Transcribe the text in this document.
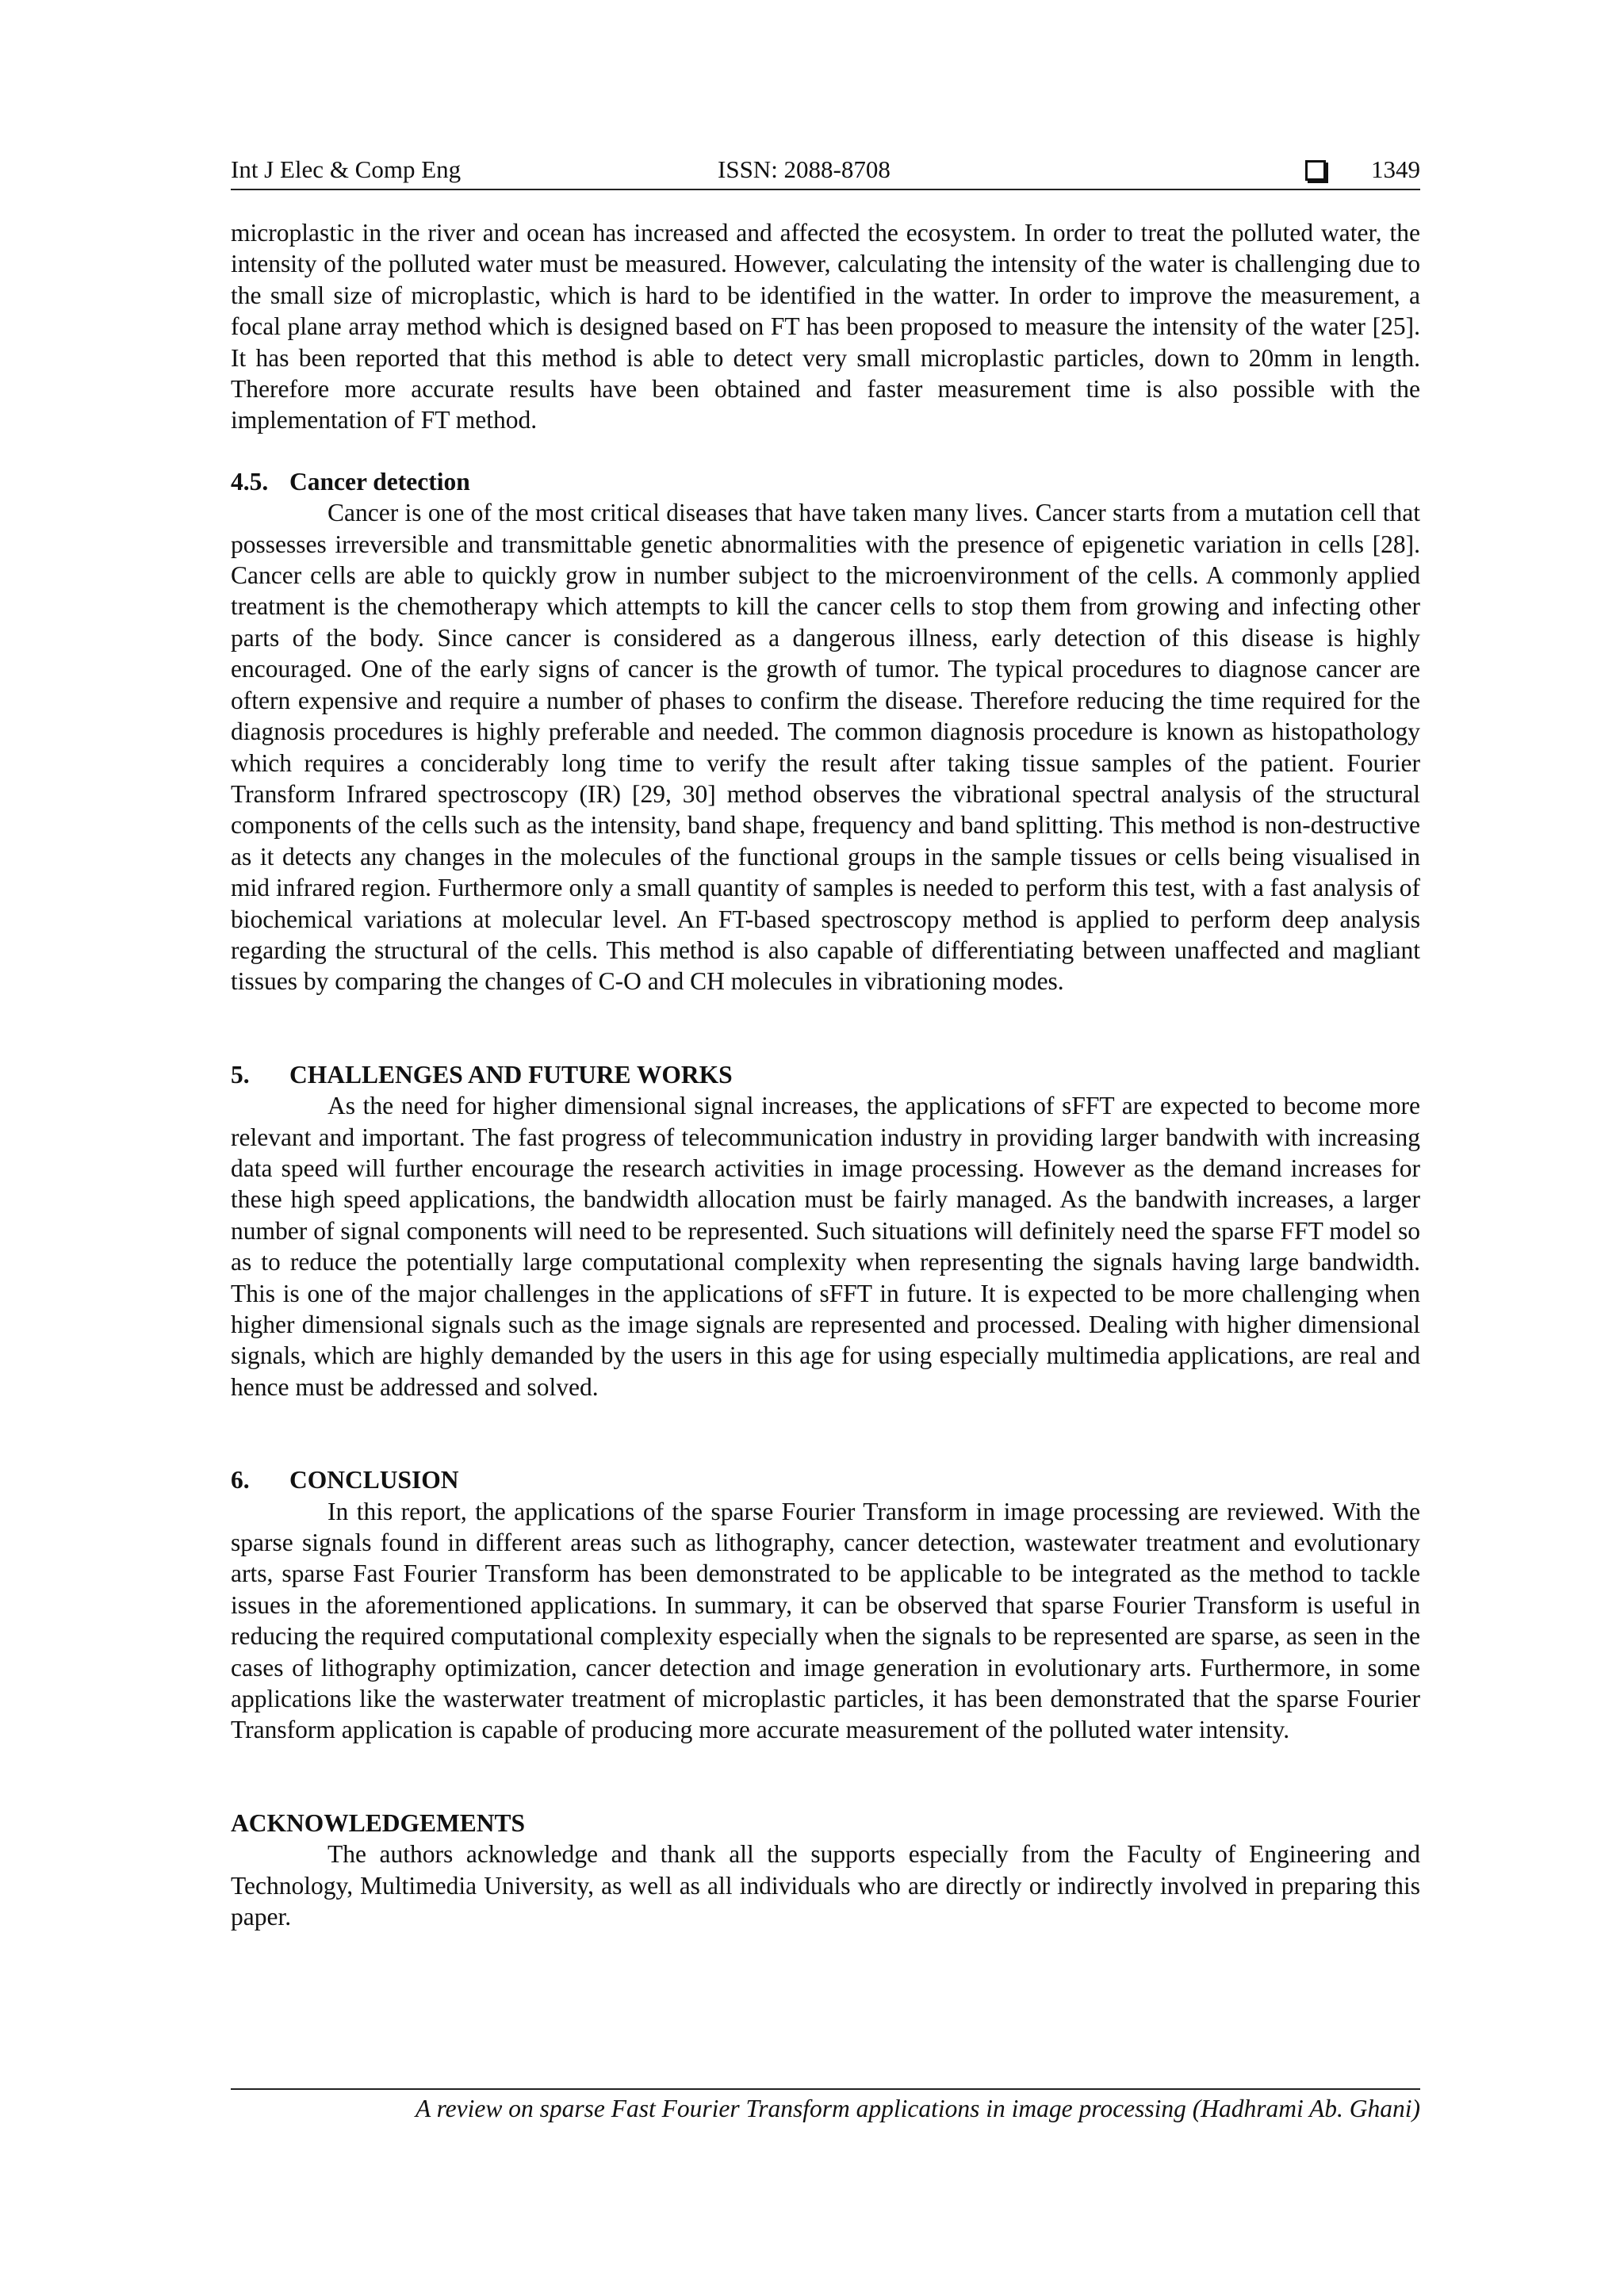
Int J Elec & Comp Eng	ISSN: 2088-8708	1349

microplastic in the river and ocean has increased and affected the ecosystem. In order to treat the polluted water, the intensity of the polluted water must be measured. However, calculating the intensity of the water is challenging due to the small size of microplastic, which is hard to be identified in the watter. In order to improve the measurement, a focal plane array method which is designed based on FT has been proposed to measure the intensity of the water [25]. It has been reported that this method is able to detect very small microplastic particles, down to 20mm in length. Therefore more accurate results have been obtained and faster measurement time is also possible with the implementation of FT method.

4.5. Cancer detection

Cancer is one of the most critical diseases that have taken many lives. Cancer starts from a mutation cell that possesses irreversible and transmittable genetic abnormalities with the presence of epigenetic variation in cells [28]. Cancer cells are able to quickly grow in number subject to the microenvironment of the cells. A commonly applied treatment is the chemotherapy which attempts to kill the cancer cells to stop them from growing and infecting other parts of the body. Since cancer is considered as a dangerous illness, early detection of this disease is highly encouraged. One of the early signs of cancer is the growth of tumor. The typical procedures to diagnose cancer are oftern expensive and require a number of phases to confirm the disease. Therefore reducing the time required for the diagnosis procedures is highly preferable and needed. The common diagnosis procedure is known as histopathology which requires a conciderably long time to verify the result after taking tissue samples of the patient. Fourier Transform Infrared spectroscopy (IR) [29, 30] method observes the vibrational spectral analysis of the structural components of the cells such as the intensity, band shape, frequency and band splitting. This method is non-destructive as it detects any changes in the molecules of the functional groups in the sample tissues or cells being visualised in mid infrared region. Furthermore only a small quantity of samples is needed to perform this test, with a fast analysis of biochemical variations at molecular level. An FT-based spectroscopy method is applied to perform deep analysis regarding the structural of the cells. This method is also capable of differentiating between unaffected and magliant tissues by comparing the changes of C-O and CH molecules in vibrationing modes.

5. CHALLENGES AND FUTURE WORKS

As the need for higher dimensional signal increases, the applications of sFFT are expected to become more relevant and important. The fast progress of telecommunication industry in providing larger bandwith with increasing data speed will further encourage the research activities in image processing. However as the demand increases for these high speed applications, the bandwidth allocation must be fairly managed. As the bandwith increases, a larger number of signal components will need to be represented. Such situations will definitely need the sparse FFT model so as to reduce the potentially large computational complexity when representing the signals having large bandwidth. This is one of the major challenges in the applications of sFFT in future. It is expected to be more challenging when higher dimensional signals such as the image signals are represented and processed. Dealing with higher dimensional signals, which are highly demanded by the users in this age for using especially multimedia applications, are real and hence must be addressed and solved.

6. CONCLUSION

In this report, the applications of the sparse Fourier Transform in image processing are reviewed. With the sparse signals found in different areas such as lithography, cancer detection, wastewater treatment and evolutionary arts, sparse Fast Fourier Transform has been demonstrated to be applicable to be integrated as the method to tackle issues in the aforementioned applications. In summary, it can be observed that sparse Fourier Transform is useful in reducing the required computational complexity especially when the signals to be represented are sparse, as seen in the cases of lithography optimization, cancer detection and image generation in evolutionary arts. Furthermore, in some applications like the wasterwater treatment of microplastic particles, it has been demonstrated that the sparse Fourier Transform application is capable of producing more accurate measurement of the polluted water intensity.

ACKNOWLEDGEMENTS

The authors acknowledge and thank all the supports especially from the Faculty of Engineering and Technology, Multimedia University, as well as all individuals who are directly or indirectly involved in preparing this paper.

A review on sparse Fast Fourier Transform applications in image processing (Hadhrami Ab. Ghani)
